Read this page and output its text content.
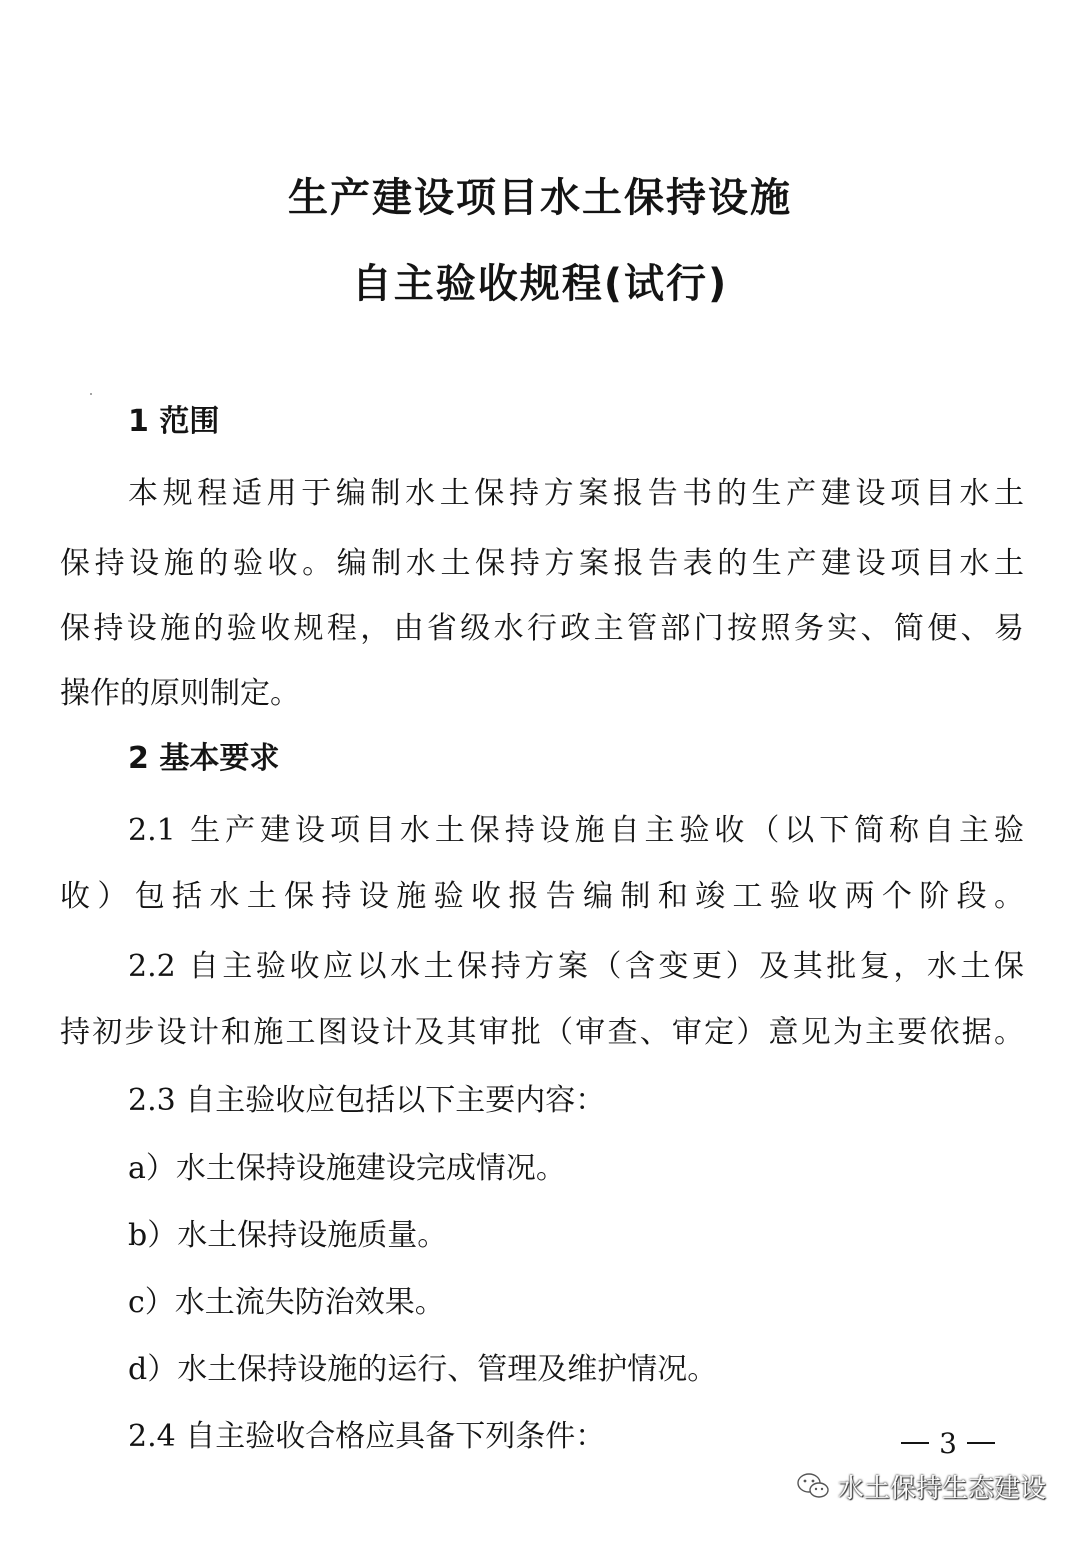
生产建设项目水土保持设施
自主验收规程(试行)
1 范围
本规程适用于编制水土保持方案报告书的生产建设项目水土
保持设施的验收。编制水土保持方案报告表的生产建设项目水土
保持设施的验收规程，由省级水行政主管部门按照务实、简便、易
操作的原则制定。
2 基本要求
2.1 生产建设项目水土保持设施自主验收（以下简称自主验
收）包括水土保持设施验收报告编制和竣工验收两个阶段。
2.2 自主验收应以水土保持方案（含变更）及其批复，水土保
持初步设计和施工图设计及其审批（审查、审定）意见为主要依据。
2.3 自主验收应包括以下主要内容：
a）水土保持设施建设完成情况。
b）水土保持设施质量。
c）水土流失防治效果。
d）水土保持设施的运行、管理及维护情况。
2.4 自主验收合格应具备下列条件：	3
水土保持生态建设
